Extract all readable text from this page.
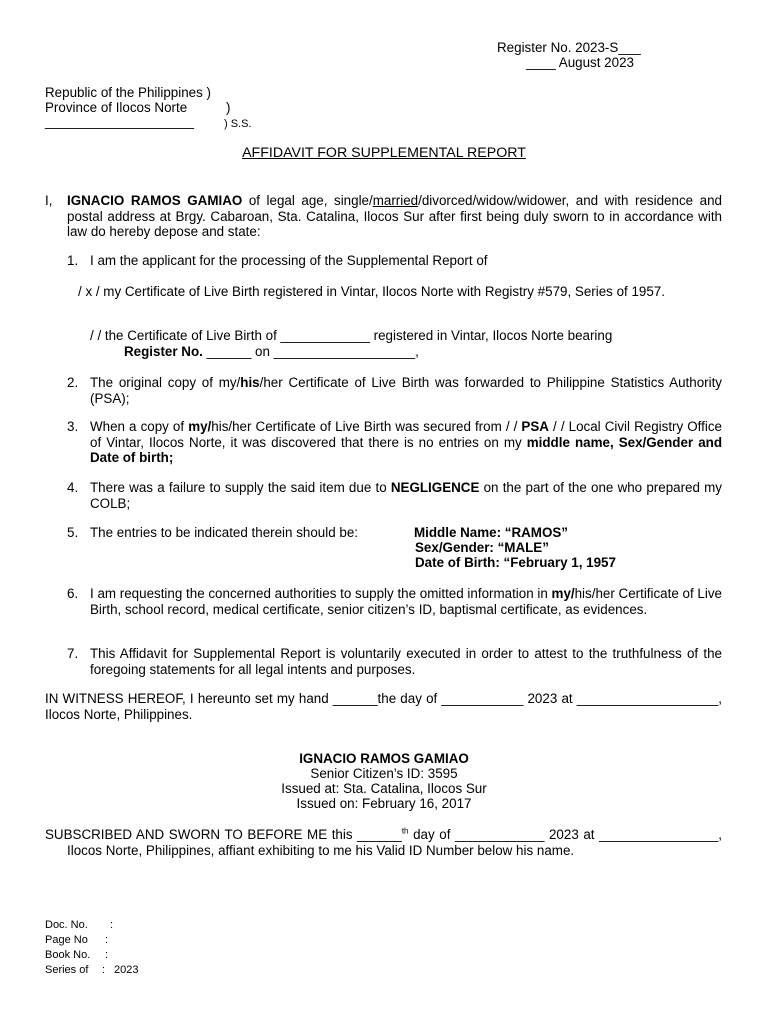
Register No. 2023-S___
____ August 2023
Republic of the Philippines )
Province of Ilocos Norte	)
____________________	) S.S.
AFFIDAVIT FOR SUPPLEMENTAL REPORT
I, IGNACIO RAMOS GAMIAO of legal age, single/married/divorced/widow/widower, and with residence and postal address at Brgy. Cabaroan, Sta. Catalina, Ilocos Sur after first being duly sworn to in accordance with law do hereby depose and state:
1. I am the applicant for the processing of the Supplemental Report of
/ x / my Certificate of Live Birth registered in Vintar, Ilocos Norte with Registry #579, Series of 1957.
/ / the Certificate of Live Birth of ____________ registered in Vintar, Ilocos Norte bearing
Register No. ______ on ___________________,
2. The original copy of my/his/her Certificate of Live Birth was forwarded to Philippine Statistics Authority (PSA);
3. When a copy of my/his/her Certificate of Live Birth was secured from / / PSA / / Local Civil Registry Office of Vintar, Ilocos Norte, it was discovered that there is no entries on my middle name, Sex/Gender and Date of birth;
4. There was a failure to supply the said item due to NEGLIGENCE on the part of the one who prepared my COLB;
5. The entries to be indicated therein should be:	Middle Name: “RAMOS”
Sex/Gender: “MALE”
Date of Birth: “February 1, 1957
6. I am requesting the concerned authorities to supply the omitted information in my/his/her Certificate of Live Birth, school record, medical certificate, senior citizen’s ID, baptismal certificate, as evidences.
7. This Affidavit for Supplemental Report is voluntarily executed in order to attest to the truthfulness of the foregoing statements for all legal intents and purposes.
IN WITNESS HEREOF, I hereunto set my hand ______the day of ___________ 2023 at ___________________, Ilocos Norte, Philippines.
IGNACIO RAMOS GAMIAO
Senior Citizen’s ID: 3595
Issued at: Sta. Catalina, Ilocos Sur
Issued on: February 16, 2017
SUBSCRIBED AND SWORN TO BEFORE ME this ______$^{th}$ day of ____________ 2023 at ________________, Ilocos Norte, Philippines, affiant exhibiting to me his Valid ID Number below his name.
Doc. No. :
Page No :
Book No. :
Series of : 2023
